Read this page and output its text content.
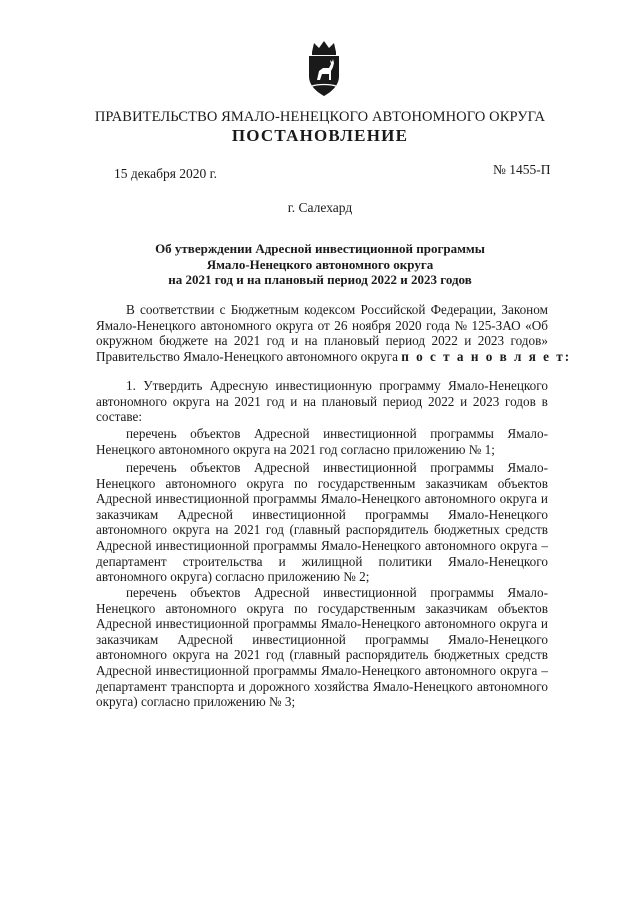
ПРАВИТЕЛЬСТВО ЯМАЛО-НЕНЕЦКОГО АВТОНОМНОГО ОКРУГА
ПОСТАНОВЛЕНИЕ
15 декабря 2020 г.	№ 1455-П
г. Салехард
Об утверждении Адресной инвестиционной программы
Ямало-Ненецкого автономного округа
на 2021 год и на плановый период 2022 и 2023 годов
В соответствии с Бюджетным кодексом Российской Федерации, Законом
Ямало-Ненецкого автономного округа от 26 ноября 2020 года № 125-ЗАО «Об
окружном бюджете на 2021 год и на плановый период 2022 и 2023 годов»
Правительство Ямало-Ненецкого автономного округа
п о с т а н о в л я е т:
1. Утвердить Адресную инвестиционную программу Ямало-Ненецкого
автономного округа на 2021 год и на плановый период 2022 и 2023 годов в
составе:
перечень объектов Адресной инвестиционной программы Ямало-
Ненецкого автономного округа на 2021 год согласно приложению № 1;
перечень объектов Адресной инвестиционной программы Ямало-
Ненецкого автономного округа по государственным заказчикам объектов
Адресной инвестиционной программы Ямало-Ненецкого автономного округа и
заказчикам Адресной инвестиционной программы Ямало-Ненецкого
автономного округа на 2021 год (главный распорядитель бюджетных средств
Адресной инвестиционной программы Ямало-Ненецкого автономного округа –
департамент строительства и жилищной политики Ямало-Ненецкого
автономного округа) согласно приложению № 2;
перечень объектов Адресной инвестиционной программы Ямало-
Ненецкого автономного округа по государственным заказчикам объектов
Адресной инвестиционной программы Ямало-Ненецкого автономного округа и
заказчикам Адресной инвестиционной программы Ямало-Ненецкого
автономного округа на 2021 год (главный распорядитель бюджетных средств
Адресной инвестиционной программы Ямало-Ненецкого автономного округа –
департамент транспорта и дорожного хозяйства Ямало-Ненецкого автономного
округа) согласно приложению № 3;
